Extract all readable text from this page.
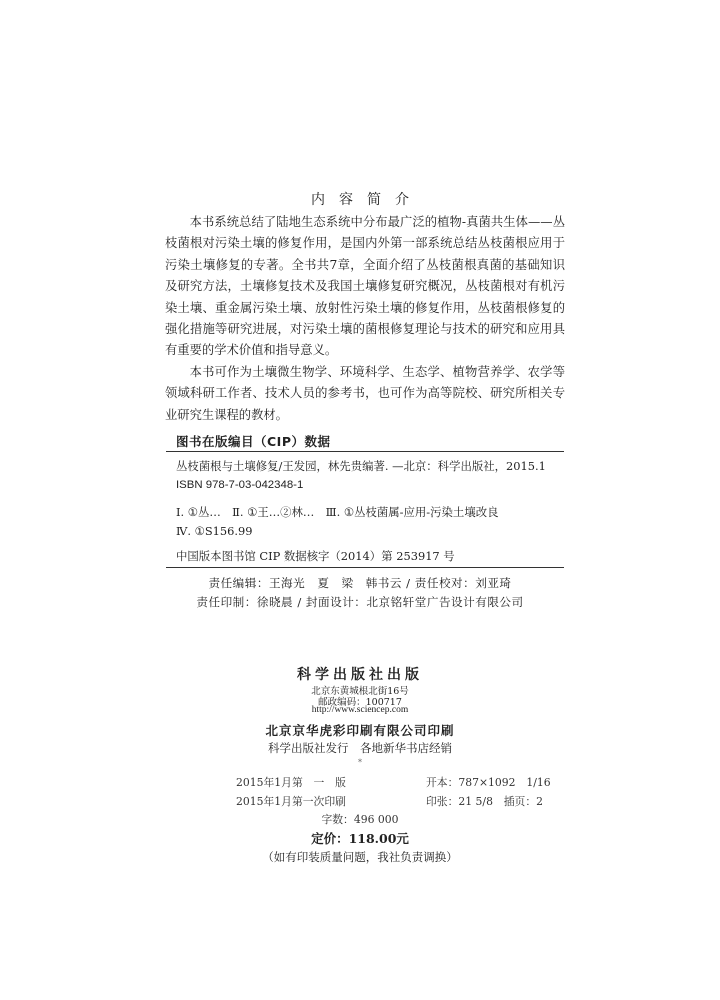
内容简介

本书系统总结了陆地生态系统中分布最广泛的植物-真菌共生体——丛枝菌根对污染土壤的修复作用，是国内外第一部系统总结丛枝菌根应用于污染土壤修复的专著。全书共7章，全面介绍了丛枝菌根真菌的基础知识及研究方法，土壤修复技术及我国土壤修复研究概况，丛枝菌根对有机污染土壤、重金属污染土壤、放射性污染土壤的修复作用，丛枝菌根修复的强化措施等研究进展，对污染土壤的菌根修复理论与技术的研究和应用具有重要的学术价值和指导意义。

本书可作为土壤微生物学、环境科学、生态学、植物营养学、农学等领域科研工作者、技术人员的参考书，也可作为高等院校、研究所相关专业研究生课程的教材。

图书在版编目（CIP）数据
丛枝菌根与土壤修复/王发园，林先贵编著. —北京：科学出版社，2015.1
ISBN 978-7-03-042348-1
Ⅰ. ①丛…　Ⅱ. ①王…②林…　Ⅲ. ①丛枝菌属-应用-污染土壤改良
Ⅳ. ①S156.99
中国版本图书馆 CIP 数据核字（2014）第 253917 号
责任编辑：王海光　夏　梁　韩书云 / 责任校对：刘亚琦
责任印制：徐晓晨 / 封面设计：北京铭轩堂广告设计有限公司
科学出版社出版
北京东黄城根北街16号
邮政编码：100717
http://www.sciencep.com
北京京华虎彩印刷有限公司印刷
科学出版社发行　各地新华书店经销
*
2015年1月第　一　版	开本：787×1092　1/16
2015年1月第一次印刷	印张：21 5/8　插页：2
字数：496 000
定价：118.00元
（如有印装质量问题，我社负责调换）
